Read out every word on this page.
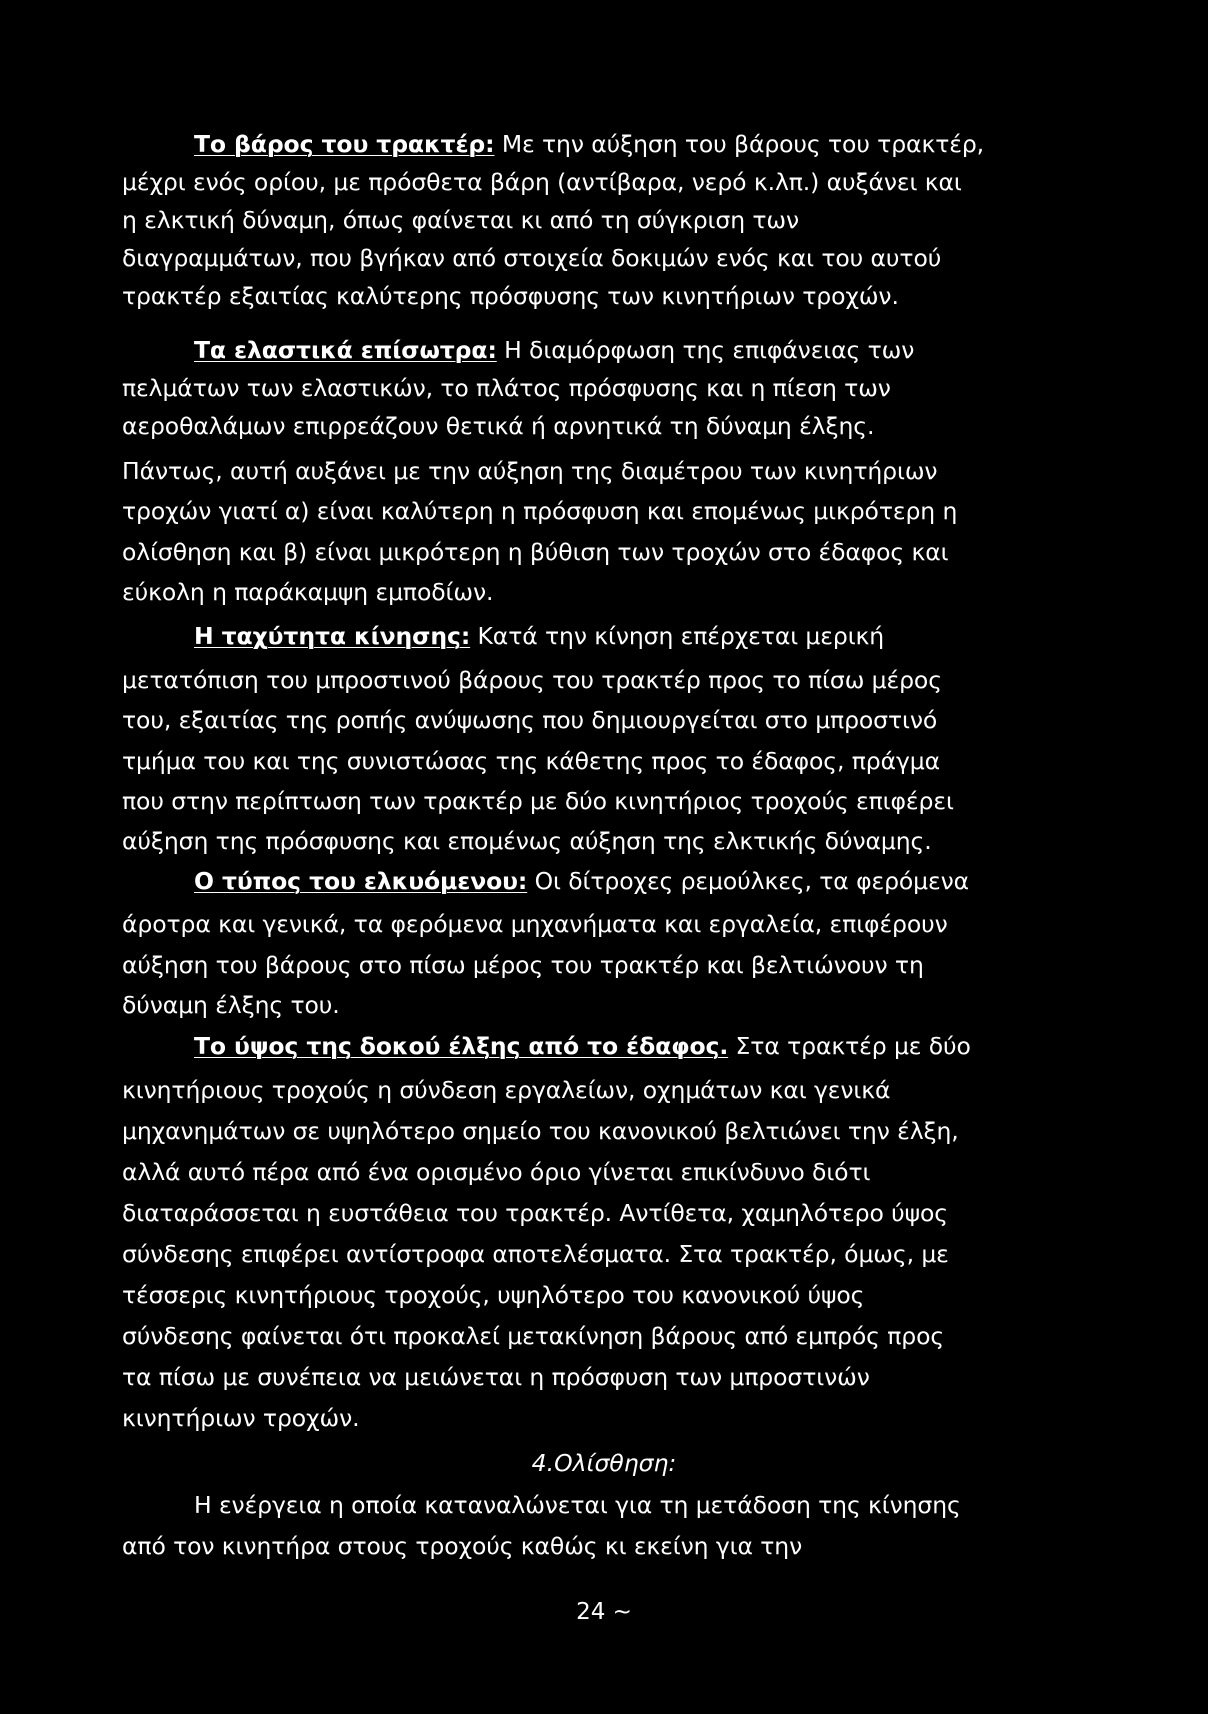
Το βάρος του τρακτέρ: Με την αύξηση του βάρους του τρακτέρ,
μέχρι ενός ορίου, με πρόσθετα βάρη (αντίβαρα, νερό κ.λπ.) αυξάνει και
η ελκτική δύναμη, όπως φαίνεται κι από τη σύγκριση των
διαγραμμάτων, που βγήκαν από στοιχεία δοκιμών ενός και του αυτού
τρακτέρ εξαιτίας καλύτερης πρόσφυσης των κινητήριων τροχών.
Τα ελαστικά επίσωτρα: Η διαμόρφωση της επιφάνειας των
πελμάτων των ελαστικών, το πλάτος πρόσφυσης και η πίεση των
αεροθαλάμων επιρρεάζουν θετικά ή αρνητικά τη δύναμη έλξης.
Πάντως, αυτή αυξάνει με την αύξηση της διαμέτρου των κινητήριων
τροχών γιατί α) είναι καλύτερη η πρόσφυση και επομένως μικρότερη η
ολίσθηση και β) είναι μικρότερη η βύθιση των τροχών στο έδαφος και
εύκολη η παράκαμψη εμποδίων.
Η ταχύτητα κίνησης: Κατά την κίνηση επέρχεται μερική
μετατόπιση του μπροστινού βάρους του τρακτέρ προς το πίσω μέρος
του, εξαιτίας της ροπής ανύψωσης που δημιουργείται στο μπροστινό
τμήμα του και της συνιστώσας της κάθετης προς το έδαφος, πράγμα
που στην περίπτωση των τρακτέρ με δύο κινητήριος τροχούς επιφέρει
αύξηση της πρόσφυσης και επομένως αύξηση της ελκτικής δύναμης.
Ο τύπος του ελκυόμενου: Οι δίτροχες ρεμούλκες, τα φερόμενα
άροτρα και γενικά, τα φερόμενα μηχανήματα και εργαλεία, επιφέρουν
αύξηση του βάρους στο πίσω μέρος του τρακτέρ και βελτιώνουν τη
δύναμη έλξης του.
Το ύψος της δοκού έλξης από το έδαφος. Στα τρακτέρ με δύο
κινητήριους τροχούς η σύνδεση εργαλείων, οχημάτων και γενικά
μηχανημάτων σε υψηλότερο σημείο του κανονικού βελτιώνει την έλξη,
αλλά αυτό πέρα από ένα ορισμένο όριο γίνεται επικίνδυνο διότι
διαταράσσεται η ευστάθεια του τρακτέρ. Αντίθετα, χαμηλότερο ύψος
σύνδεσης επιφέρει αντίστροφα αποτελέσματα. Στα τρακτέρ, όμως, με
τέσσερις κινητήριους τροχούς, υψηλότερο του κανονικού ύψος
σύνδεσης φαίνεται ότι προκαλεί μετακίνηση βάρους από εμπρός προς
τα πίσω με συνέπεια να μειώνεται η πρόσφυση των μπροστινών
κινητήριων τροχών.
4.Ολίσθηση:
Η ενέργεια η οποία καταναλώνεται για τη μετάδοση της κίνησης
από τον κινητήρα στους τροχούς καθώς κι εκείνη για την
24 ~
